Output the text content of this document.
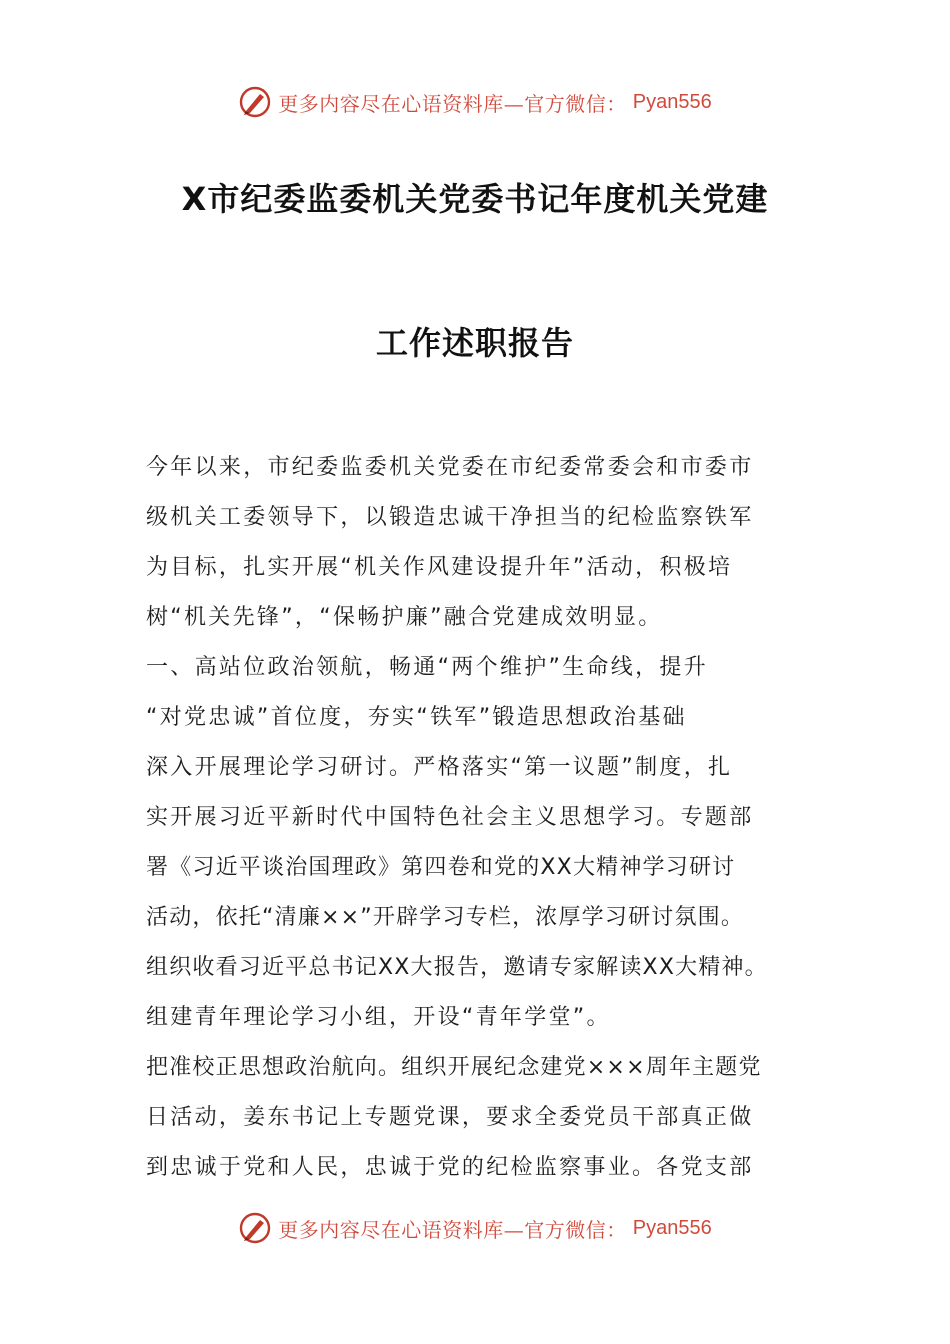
更多内容尽在心语资料库—官方微信： Pyan556
X市纪委监委机关党委书记年度机关党建
工作述职报告
今年以来，市纪委监委机关党委在市纪委常委会和市委市
级机关工委领导下，以锻造忠诚干净担当的纪检监察铁军
为目标，扎实开展“机关作风建设提升年”活动，积极培
树“机关先锋”，“保畅护廉”融合党建成效明显。
一、高站位政治领航，畅通“两个维护”生命线，提升
“对党忠诚”首位度，夯实“铁军”锻造思想政治基础
深入开展理论学习研讨。严格落实“第一议题”制度，扎
实开展习近平新时代中国特色社会主义思想学习。专题部
署《习近平谈治国理政》第四卷和党的XX大精神学习研讨
活动，依托“清廉××”开辟学习专栏，浓厚学习研讨氛围。
组织收看习近平总书记XX大报告，邀请专家解读XX大精神。
组建青年理论学习小组，开设“青年学堂”。
把准校正思想政治航向。组织开展纪念建党×××周年主题党
日活动，姜东书记上专题党课，要求全委党员干部真正做
到忠诚于党和人民，忠诚于党的纪检监察事业。各党支部
更多内容尽在心语资料库—官方微信： Pyan556
